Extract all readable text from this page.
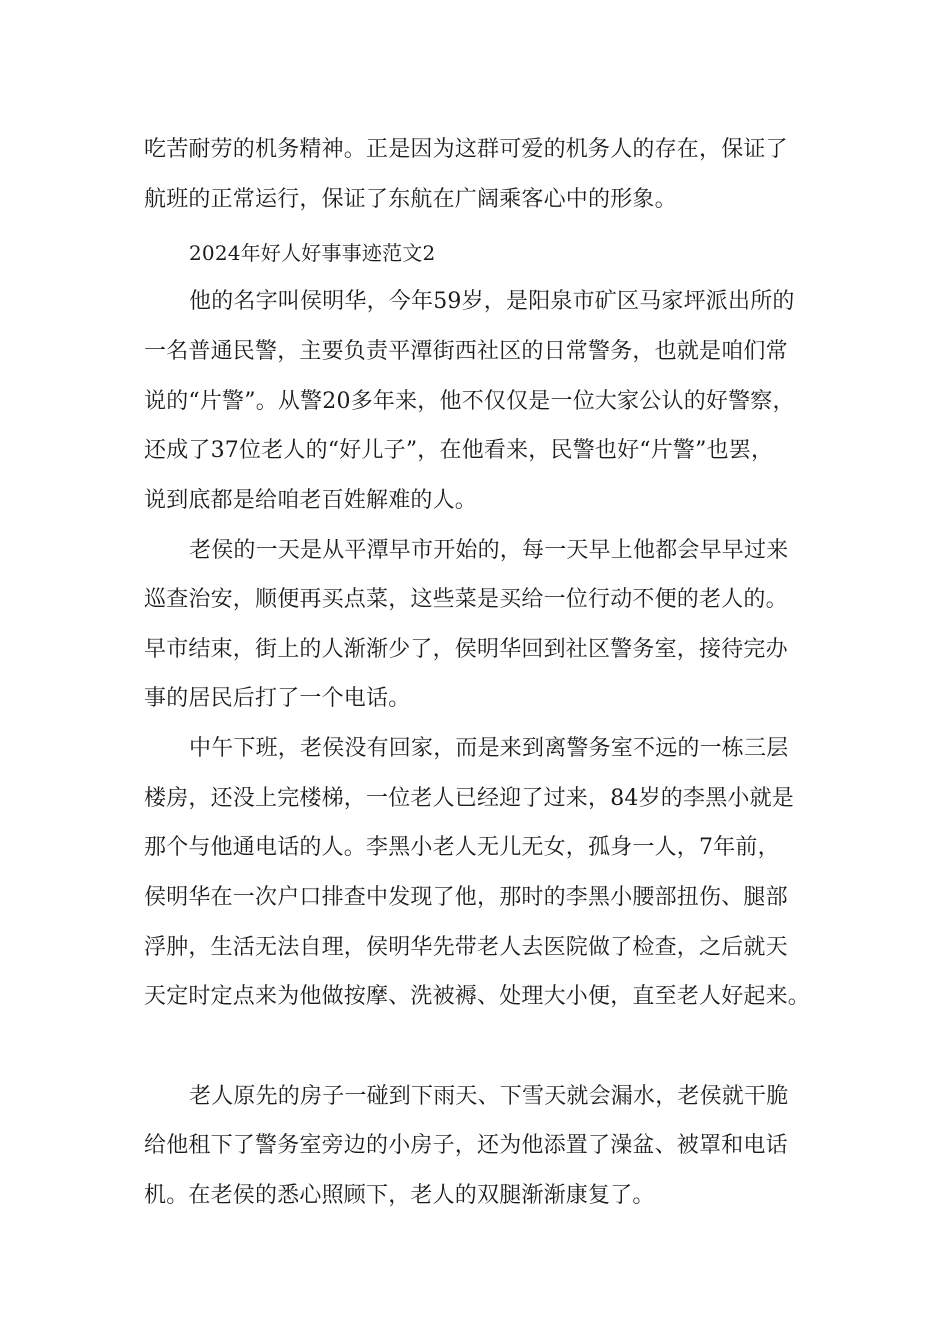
吃苦耐劳的机务精神。正是因为这群可爱的机务人的存在，保证了
航班的正常运行，保证了东航在广阔乘客心中的形象。
2024年好人好事事迹范文2
他的名字叫侯明华，今年59岁，是阳泉市矿区马家坪派出所的
一名普通民警，主要负责平潭街西社区的日常警务，也就是咱们常
说的“片警”。从警20多年来，他不仅仅是一位大家公认的好警察，
还成了37位老人的“好儿子”，在他看来，民警也好“片警”也罢，
说到底都是给咱老百姓解难的人。
老侯的一天是从平潭早市开始的，每一天早上他都会早早过来
巡查治安，顺便再买点菜，这些菜是买给一位行动不便的老人的。
早市结束，街上的人渐渐少了，侯明华回到社区警务室，接待完办
事的居民后打了一个电话。
中午下班，老侯没有回家，而是来到离警务室不远的一栋三层
楼房，还没上完楼梯，一位老人已经迎了过来，84岁的李黑小就是
那个与他通电话的人。李黑小老人无儿无女，孤身一人，7年前，
侯明华在一次户口排查中发现了他，那时的李黑小腰部扭伤、腿部
浮肿，生活无法自理，侯明华先带老人去医院做了检查，之后就天
天定时定点来为他做按摩、洗被褥、处理大小便，直至老人好起来。
老人原先的房子一碰到下雨天、下雪天就会漏水，老侯就干脆
给他租下了警务室旁边的小房子，还为他添置了澡盆、被罩和电话
机。在老侯的悉心照顾下，老人的双腿渐渐康复了。
